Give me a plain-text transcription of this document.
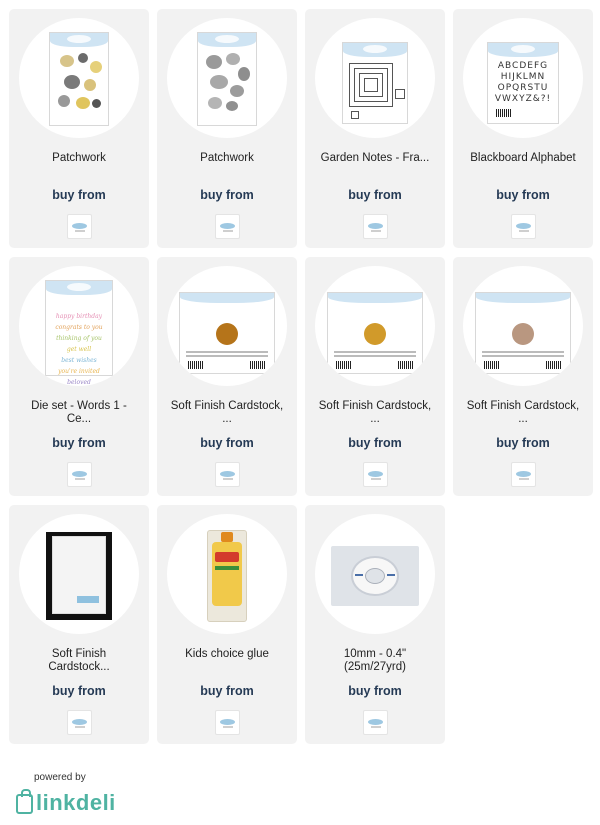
Patchwork
buy from
Patchwork
buy from
Garden Notes - Fra...
buy from
ABCDEFG HIJKLMN OPQRSTU VWXYZ&?!
Blackboard Alphabet
buy from
happy birthday
congrats to you
thinking of you
get well
best wishes
you're invited
beloved
Die set - Words 1 -
Ce...
buy from
Soft Finish Cardstock,
...
buy from
Soft Finish Cardstock,
...
buy from
Soft Finish Cardstock,
...
buy from
Soft Finish
Cardstock...
buy from
Kids choice glue
buy from
10mm - 0.4"
(25m/27yrd)
buy from
powered by
linkdeli
